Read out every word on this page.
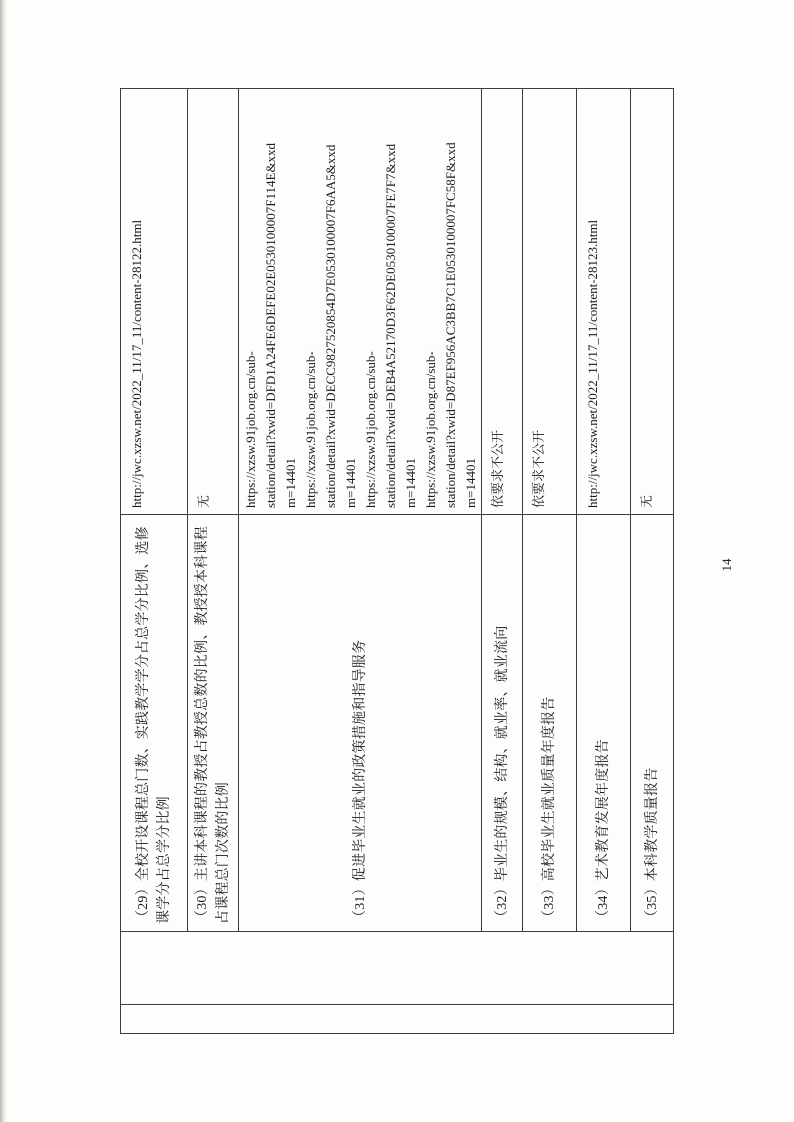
（29）全校开设课程总门数、实践教学学分占总学分比例、选修课学分占总学分比例
http://jwc.xzsw.net/2022_11/17_11/content-28122.html
（30）主讲本科课程的教授占教授总数的比例、教授授本科课程占课程总门次数的比例
无
（31）促进毕业生就业的政策措施和指导服务
https://xzsw.91job.org.cn/sub- station/detail?xwid=DFD1A24FE6DEFE02E0530100007F114E&xxd m=14401 https://xzsw.91job.org.cn/sub- station/detail?xwid=DECC9827520854D7E0530100007F6AA5&xxd m=14401 https://xzsw.91job.org.cn/sub- station/detail?xwid=DEB4A52170D3F62DE0530100007FE7F7&xxd m=14401 https://xzsw.91job.org.cn/sub- station/detail?xwid=D87EF956AC3BB7C1E0530100007FC58F&xxd m=14401
（32）毕业生的规模、结构、就业率、就业流向
依要求不公开
（33）高校毕业生就业质量年度报告
依要求不公开
（34）艺术教育发展年度报告
http://jwc.xzsw.net/2022_11/17_11/content-28123.html
（35）本科教学质量报告
无
14
